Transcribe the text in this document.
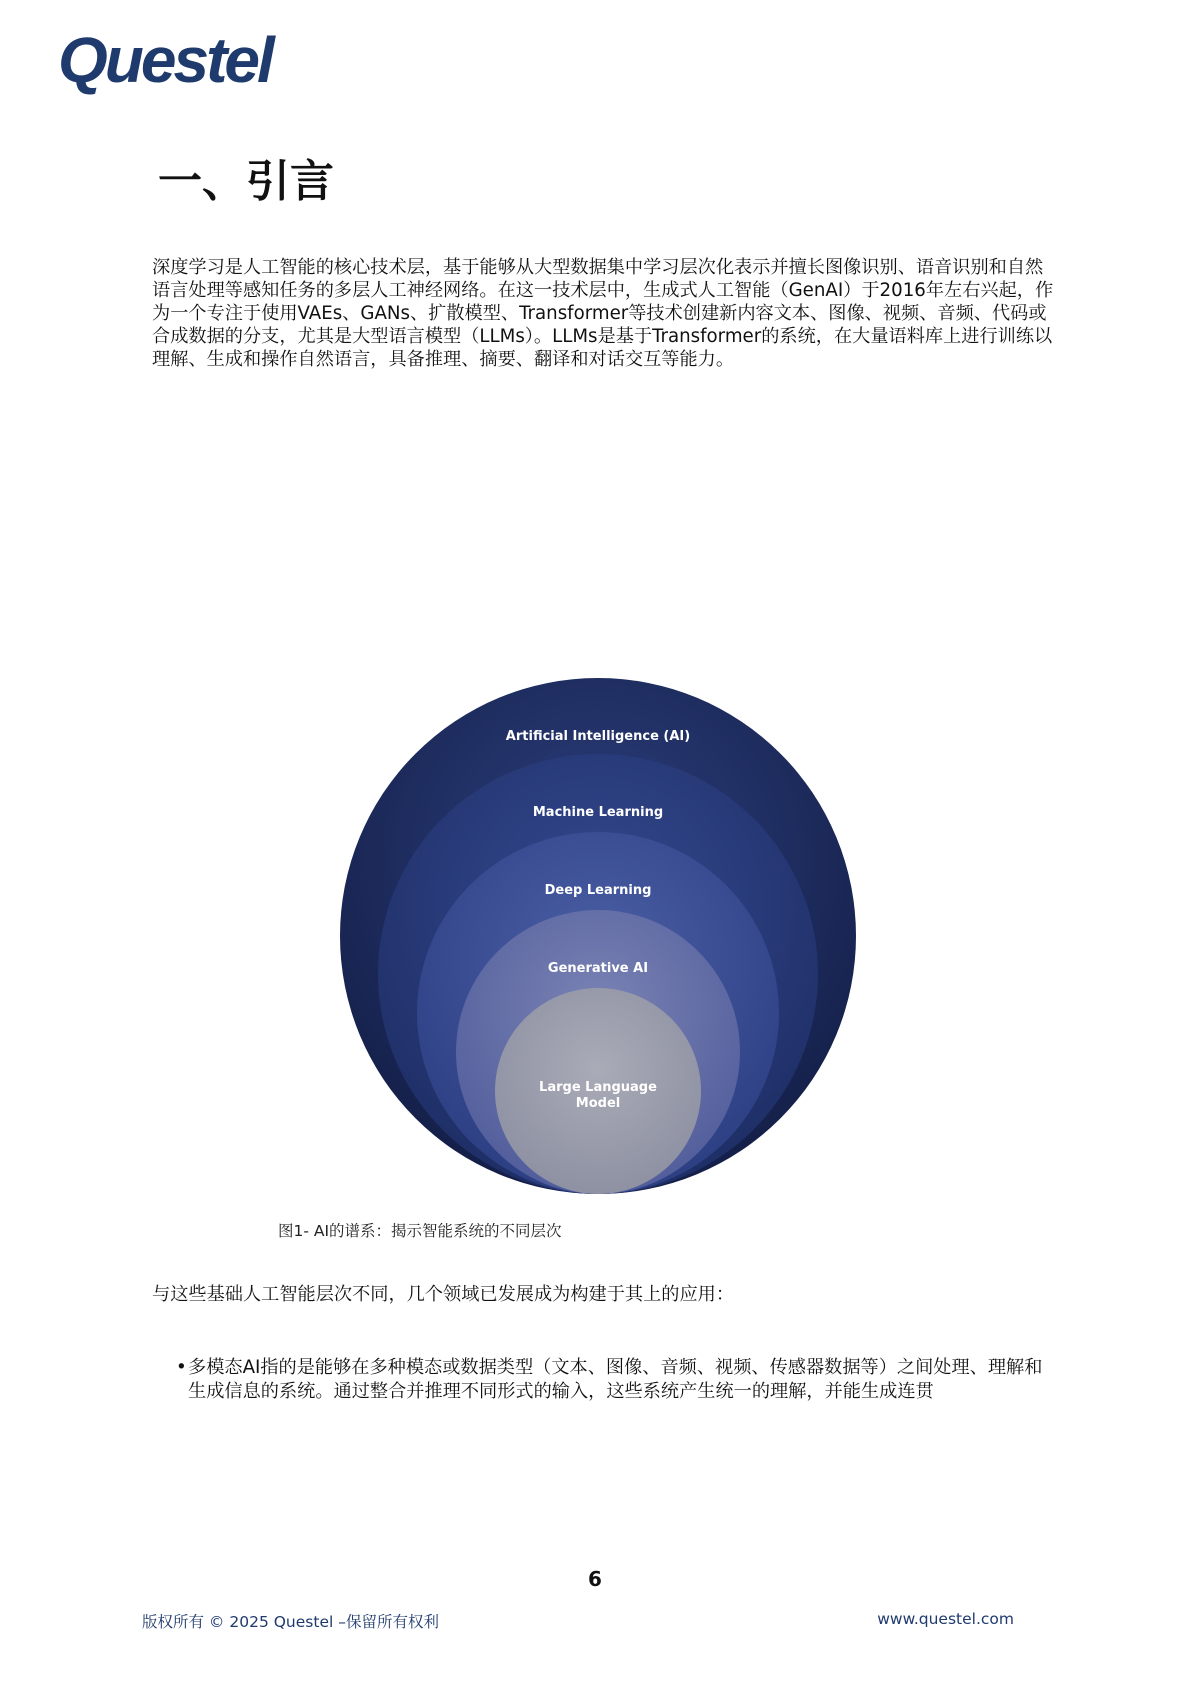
Questel
一、引言
深度学习是人工智能的核心技术层，基于能够从大型数据集中学习层次化表示并擅长图像识别、语音识别和自然语言处理等感知任务的多层人工神经网络。在这一技术层中，生成式人工智能（GenAI）于2016年左右兴起，作为一个专注于使用VAEs、GANs、扩散模型、Transformer等技术创建新内容文本、图像、视频、音频、代码或合成数据的分支，尤其是大型语言模型（LLMs）。LLMs是基于Transformer的系统，在大量语料库上进行训练以理解、生成和操作自然语言，具备推理、摘要、翻译和对话交互等能力。
Artificial Intelligence (AI)
Machine Learning
Deep Learning
Generative AI
Large Language
Model
图1- AI的谱系：揭示智能系统的不同层次
与这些基础人工智能层次不同，几个领域已发展成为构建于其上的应用：
• 多模态AI指的是能够在多种模态或数据类型（文本、图像、音频、视频、传感器数据等）之间处理、理解和生成信息的系统。通过整合并推理不同形式的输入，这些系统产生统一的理解，并能生成连贯
6
版权所有 © 2025 Questel –保留所有权利	www.questel.com
